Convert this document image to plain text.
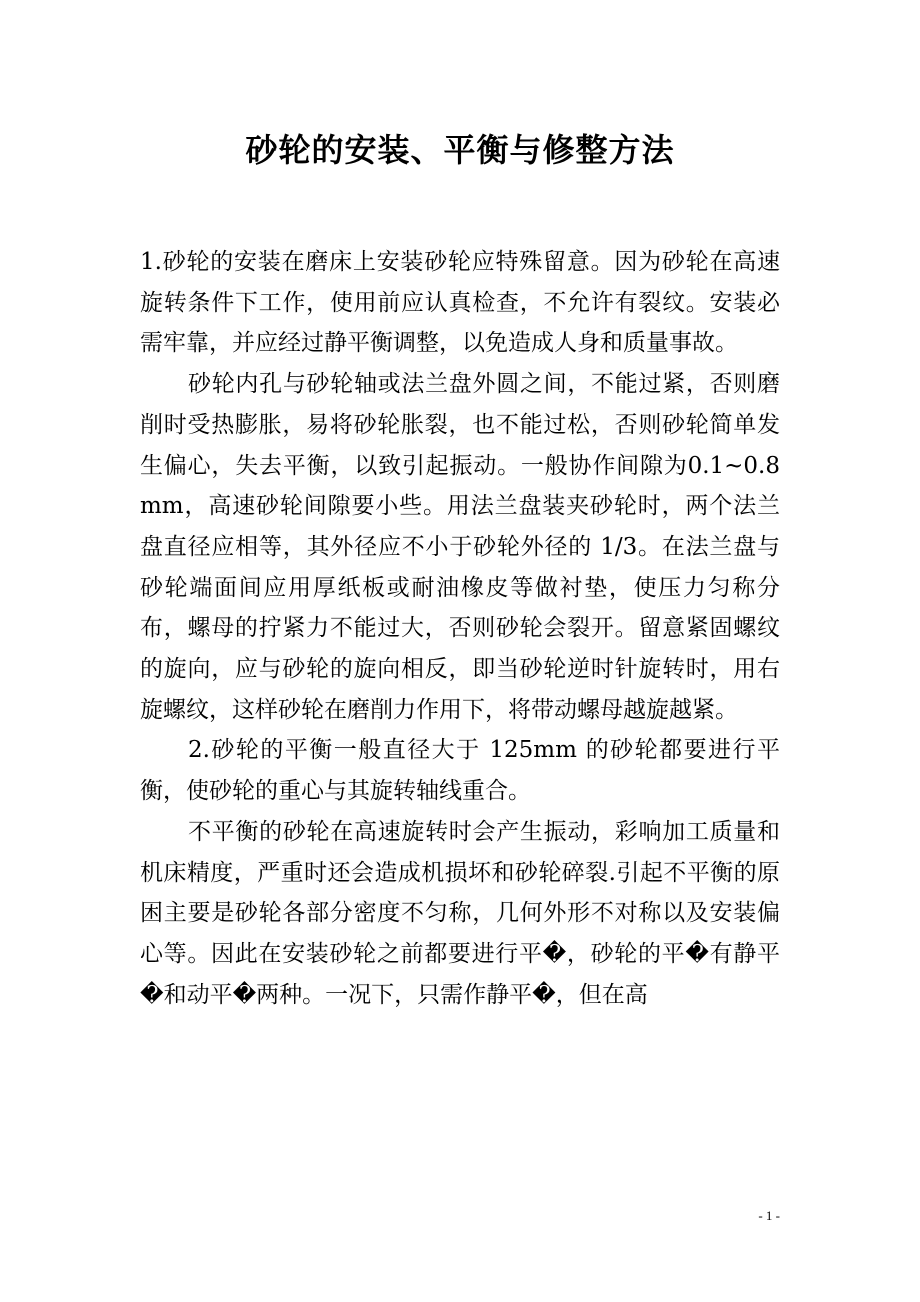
砂轮的安装、平衡与修整方法

1.砂轮的安装在磨床上安装砂轮应特殊留意。因为砂轮在高速旋转条件下工作，使用前应认真检查，不允许有裂纹。安装必需牢靠，并应经过静平衡调整，以免造成人身和质量事故。

砂轮内孔与砂轮轴或法兰盘外圆之间，不能过紧，否则磨削时受热膨胀，易将砂轮胀裂，也不能过松，否则砂轮简单发生偏心，失去平衡，以致引起振动。一般协作间隙为0.1~0.8mm，高速砂轮间隙要小些。用法兰盘装夹砂轮时，两个法兰盘直径应相等，其外径应不小于砂轮外径的 1/3。在法兰盘与砂轮端面间应用厚纸板或耐油橡皮等做衬垫，使压力匀称分布，螺母的拧紧力不能过大，否则砂轮会裂开。留意紧固螺纹的旋向，应与砂轮的旋向相反，即当砂轮逆时针旋转时，用右旋螺纹，这样砂轮在磨削力作用下，将带动螺母越旋越紧。

2.砂轮的平衡一般直径大于 125mm 的砂轮都要进行平衡，使砂轮的重心与其旋转轴线重合。

不平衡的砂轮在高速旋转时会产生振动，彩响加工质量和机床精度，严重时还会造成机损坏和砂轮碎裂.引起不平衡的原困主要是砂轮各部分密度不匀称，几何外形不对称以及安装偏心等。因此在安装砂轮之前都要进行平�，砂轮的平�有静平�和动平�两种。一况下，只需作静平�，但在高

- 1 -
